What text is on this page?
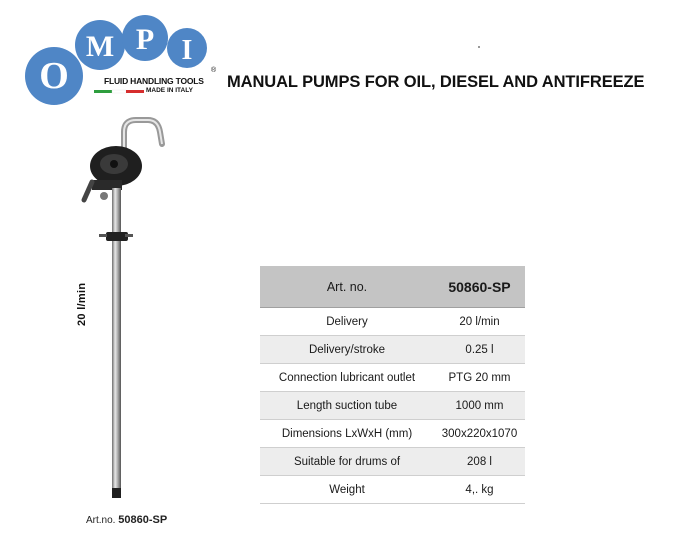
O
M P I
®
FLUID HANDLING TOOLS
MADE IN ITALY MANUAL PUMPS FOR OIL, DIESEL AND ANTIFREEZE
20 l/min
Art.no. 50860-SP
Art. no.	50860-SP
Delivery	20 l/min
Delivery/stroke	0.25 l
Connection lubricant outlet	PTG 20 mm
Length suction tube	1000 mm
Dimensions LxWxH (mm)	300x220x1070
Suitable for drums of	208 l
Weight	4,. kg
